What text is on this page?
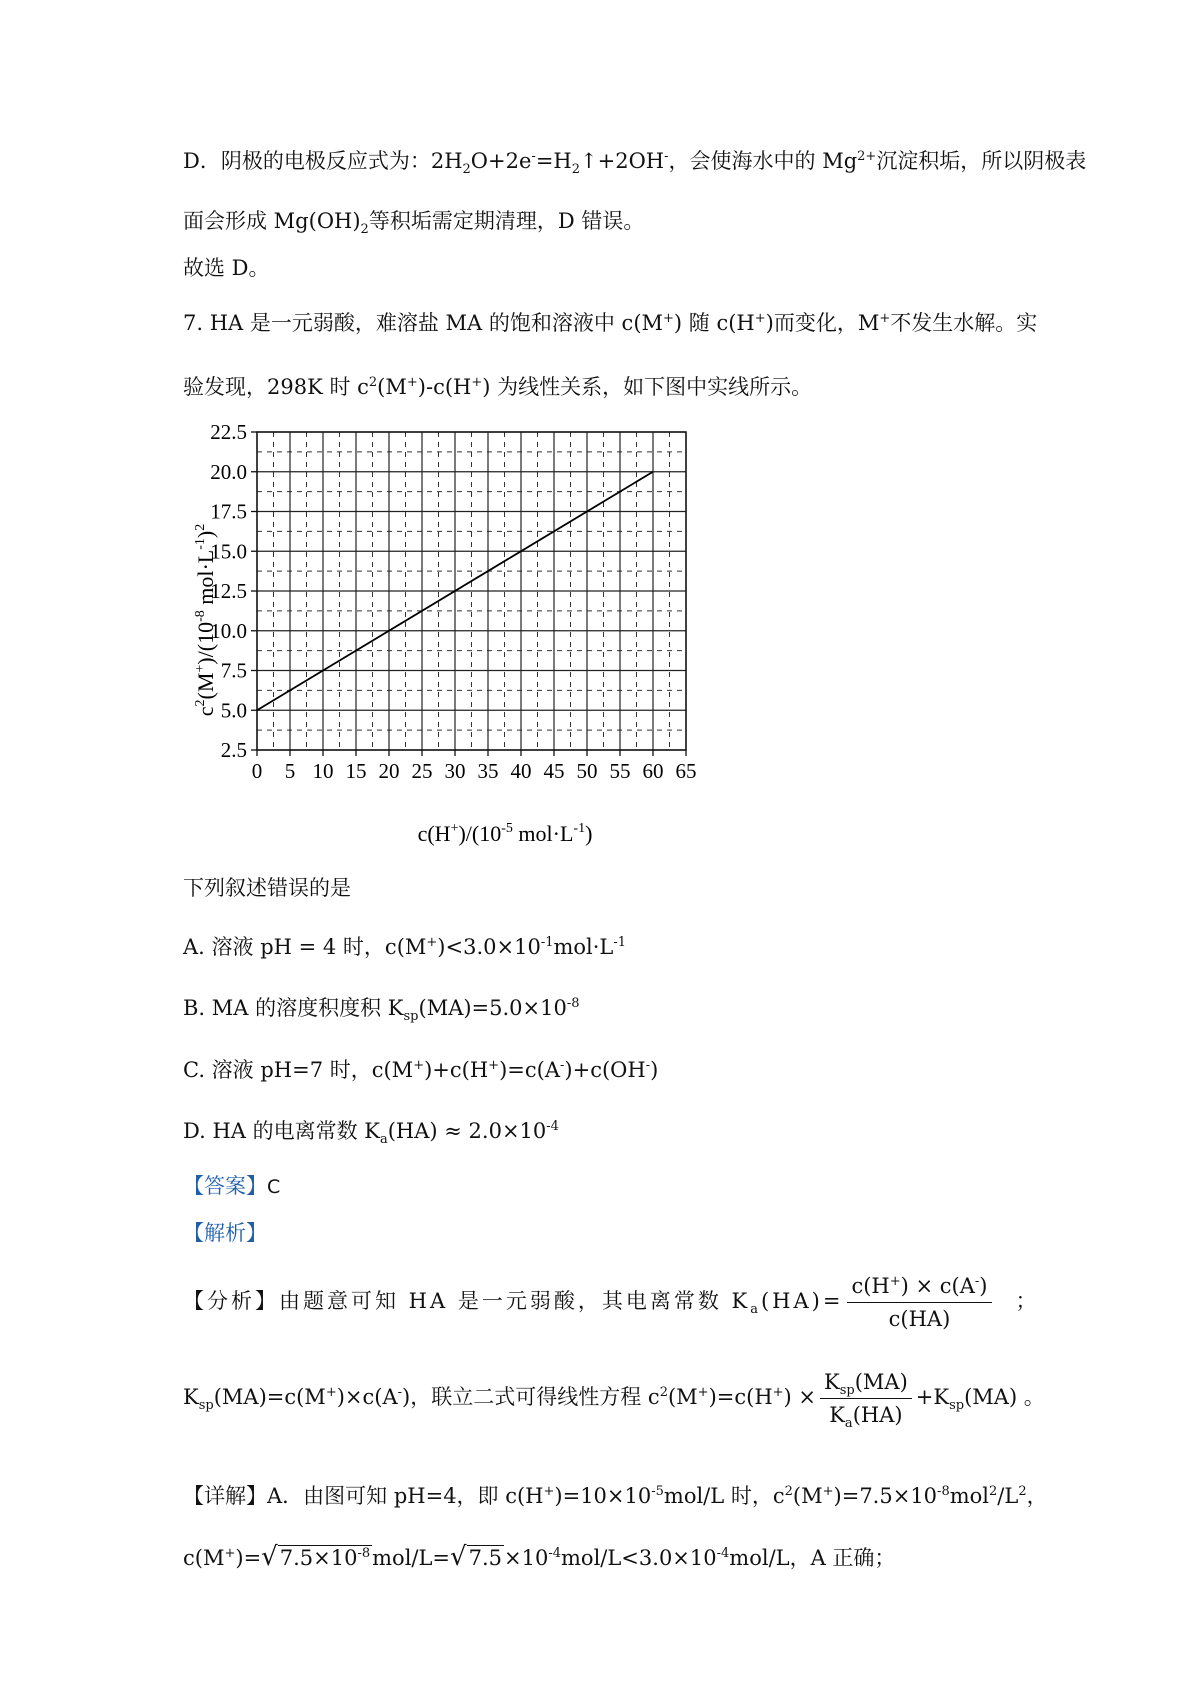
D．阴极的电极反应式为：$2H_2O+2e^-=H_2↑+2OH^-$，会使海水中的 $Mg^{2+}$沉淀积垢，所以阴极表
面会形成 $Mg(OH)_2$等积垢需定期清理，D 错误。
故选 D。
7. HA 是一元弱酸，难溶盐 MA 的饱和溶液中 c(M+) 随 c(H+)而变化，M+不发生水解。实
验发现，298K 时 $c^2(M^+)-c(H^+)$ 为线性关系，如下图中实线所示。
0 5 10 15 20 25 30 35 40 45 50 55 60 65
2.5
5.0
7.5
10.0
12.5
15.0
17.5
20.0
22.5
$c^2(M^+)/(10^{-8}$ $mol\cdot L^{-1})^2$
$c(H^+)/(10^{-5}$ $mol\cdot L^{-1}$)
下列叙述错误的是
A. 溶液 pH = 4 时，$c(M^+)<3.0\times 10^{-1}mol\cdot L^{-1}$
B. MA 的溶度积度积 $K_{sp}(MA)=5.0\times 10^{-8}$
C. 溶液 pH=7 时，c(M+)+c(H+)=c(A-)+c(OH-)
D. HA 的电离常数 $K_a(HA) \approx 2.0\times 10^{-4}$
【答案】C
【解析】
【分析】由题意可知 HA 是一元弱酸，其电离常数 $K_a(HA)= \frac{c(H^+) \times c(A^-)}{c(HA)}$ ；
$K_{sp}(MA)=c(M^+)\times c(A^-)$，联立二式可得线性方程 $c^2(M^+)=c(H^+) \times \frac{K_{sp}(MA)}{K_a(HA)} +K_{sp}(MA)$ 。
【详解】A．由图可知 pH=4，即 $c(H^+)=10\times 10^{-5}mol/L$ 时，$c^2(M^+)=7.5\times 10^{-8}mol^2/L^2$，
$c(M^+)=√7.5\times 10^{-8}mol/L=√7.5\times 10^{-4}mol/L<3.0\times 10^{-4}mol/L$，A 正确；
